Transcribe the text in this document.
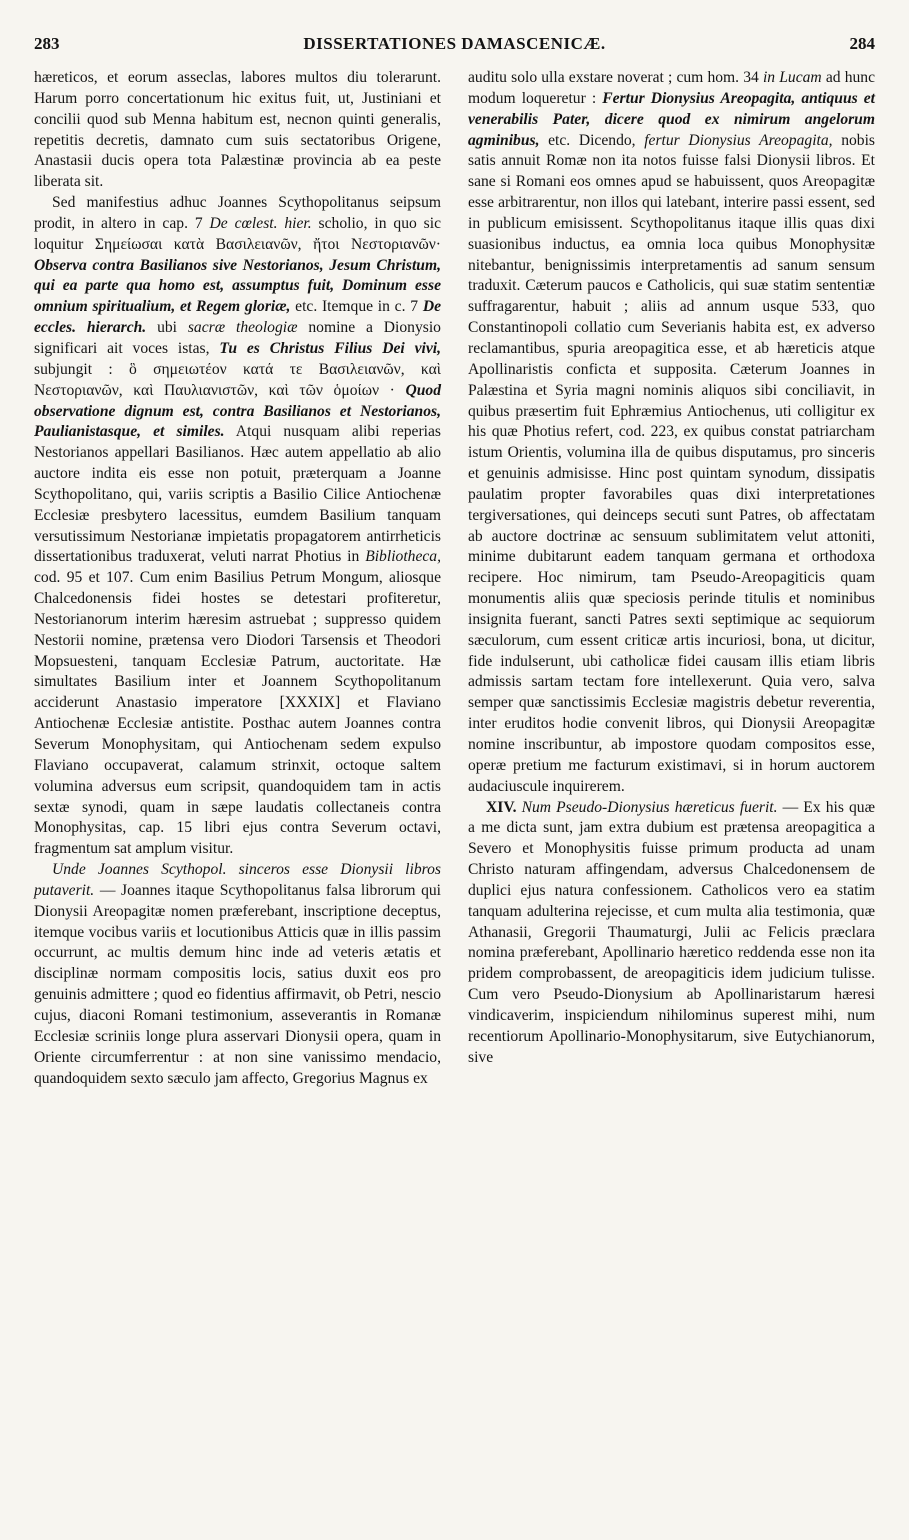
283	DISSERTATIONES DAMASCENICÆ.	284

hæreticos, et eorum asseclas, labores multos diu tolerarunt. Harum porro concertationum hic exitus fuit, ut, Justiniani et concilii quod sub Menna habitum est, necnon quinti generalis, repetitis decretis, damnato cum suis sectatoribus Origene, Anastasii ducis opera tota Palæstinæ provincia ab ea peste liberata sit.

Sed manifestius adhuc Joannes Scythopolitanus seipsum prodit, in altero in cap. 7 De cœlest. hier. scholio, in quo sic loquitur Σημείωσαι κατὰ Βασιλειανῶν, ἤτοι Νεστοριανῶν· Observa contra Basilianos sive Nestorianos, Jesum Christum, qui ea parte qua homo est, assumptus fuit, Dominum esse omnium spiritualium, et Regem gloriæ, etc. Itemque in c. 7 De eccles. hierarch. ubi sacræ theologiæ nomine a Dionysio significari ait voces istas, Tu es Christus Filius Dei vivi, subjungit : ὃ σημειωτέον κατά τε Βασιλειανῶν, καὶ Νεστοριανῶν, καὶ Παυλιανιστῶν, καὶ τῶν ὁμοίων · Quod observatione dignum est, contra Basilianos et Nestorianos, Paulianistasque, et similes. Atqui nusquam alibi reperias Nestorianos appellari Basilianos. Hæc autem appellatio ab alio auctore indita eis esse non potuit, præterquam a Joanne Scythopolitano, qui, variis scriptis a Basilio Cilice Antiochenæ Ecclesiæ presbytero lacessitus, eumdem Basilium tanquam versutissimum Nestorianæ impietatis propagatorem antirrheticis dissertationibus traduxerat, veluti narrat Photius in Bibliotheca, cod. 95 et 107. Cum enim Basilius Petrum Mongum, aliosque Chalcedonensis fidei hostes se detestari profiteretur, Nestorianorum interim hæresim astruebat ; suppresso quidem Nestorii nomine, prætensa vero Diodori Tarsensis et Theodori Mopsuesteni, tanquam Ecclesiæ Patrum, auctoritate. Hæ simultates Basilium inter et Joannem Scythopolitanum acciderunt Anastasio imperatore [XXXIX] et Flaviano Antiochenæ Ecclesiæ antistite. Posthac autem Joannes contra Severum Monophysitam, qui Antiochenam sedem expulso Flaviano occupaverat, calamum strinxit, octoque saltem volumina adversus eum scripsit, quandoquidem tam in actis sextæ synodi, quam in sæpe laudatis collectaneis contra Monophysitas, cap. 15 libri ejus contra Severum octavi, fragmentum sat amplum visitur.

Unde Joannes Scythopol. sinceros esse Dionysii libros putaverit. — Joannes itaque Scythopolitanus falsa librorum qui Dionysii Areopagitæ nomen præferebant, inscriptione deceptus, itemque vocibus variis et locutionibus Atticis quæ in illis passim occurrunt, ac multis demum hinc inde ad veteris ætatis et disciplinæ normam compositis locis, satius duxit eos pro genuinis admittere ; quod eo fidentius affirmavit, ob Petri, nescio cujus, diaconi Romani testimonium, asseverantis in Romanæ Ecclesiæ scriniis longe plura asservari Dionysii opera, quam in Oriente circumferrentur : at non sine vanissimo mendacio, quandoquidem sexto sæculo jam affecto, Gregorius Magnus ex

auditu solo ulla exstare noverat ; cum hom. 34 in Lucam ad hunc modum loqueretur : Fertur Dionysius Areopagita, antiquus et venerabilis Pater, dicere quod ex nimirum angelorum agminibus, etc. Dicendo, fertur Dionysius Areopagita, nobis satis annuit Romæ non ita notos fuisse falsi Dionysii libros. Et sane si Romani eos omnes apud se habuissent, quos Areopagitæ esse arbitrarentur, non illos qui latebant, interire passi essent, sed in publicum emisissent. Scythopolitanus itaque illis quas dixi suasionibus inductus, ea omnia loca quibus Monophysitæ nitebantur, benignissimis interpretamentis ad sanum sensum traduxit. Cæterum paucos e Catholicis, qui suæ statim sententiæ suffragarentur, habuit ; aliis ad annum usque 533, quo Constantinopoli collatio cum Severianis habita est, ex adverso reclamantibus, spuria areopagitica esse, et ab hæreticis atque Apollinaristis conficta et supposita. Cæterum Joannes in Palæstina et Syria magni nominis aliquos sibi conciliavit, in quibus præsertim fuit Ephræmius Antiochenus, uti colligitur ex his quæ Photius refert, cod. 223, ex quibus constat patriarcham istum Orientis, volumina illa de quibus disputamus, pro sinceris et genuinis admisisse. Hinc post quintam synodum, dissipatis paulatim propter favorabiles quas dixi interpretationes tergiversationes, qui deinceps secuti sunt Patres, ob affectatam ab auctore doctrinæ ac sensuum sublimitatem velut attoniti, minime dubitarunt eadem tanquam germana et orthodoxa recipere. Hoc nimirum, tam Pseudo-Areopagiticis quam monumentis aliis quæ speciosis perinde titulis et nominibus insignita fuerant, sancti Patres sexti septimique ac sequiorum sæculorum, cum essent criticæ artis incuriosi, bona, ut dicitur, fide indulserunt, ubi catholicæ fidei causam illis etiam libris admissis sartam tectam fore intellexerunt. Quia vero, salva semper quæ sanctissimis Ecclesiæ magistris debetur reverentia, inter eruditos hodie convenit libros, qui Dionysii Areopagitæ nomine inscribuntur, ab impostore quodam compositos esse, operæ pretium me facturum existimavi, si in horum auctorem audaciuscule inquirerem.

XIV. Num Pseudo-Dionysius hæreticus fuerit. — Ex his quæ a me dicta sunt, jam extra dubium est prætensa areopagitica a Severo et Monophysitis fuisse primum producta ad unam Christo naturam affingendam, adversus Chalcedonensem de duplici ejus natura confessionem. Catholicos vero ea statim tanquam adulterina rejecisse, et cum multa alia testimonia, quæ Athanasii, Gregorii Thaumaturgi, Julii ac Felicis præclara nomina præferebant, Apollinario hæretico reddenda esse non ita pridem comprobassent, de areopagiticis idem judicium tulisse. Cum vero Pseudo-Dionysium ab Apollinaristarum hæresi vindicaverim, inspiciendum nihilominus superest mihi, num recentiorum Apollinario-Monophysitarum, sive Eutychianorum, sive
